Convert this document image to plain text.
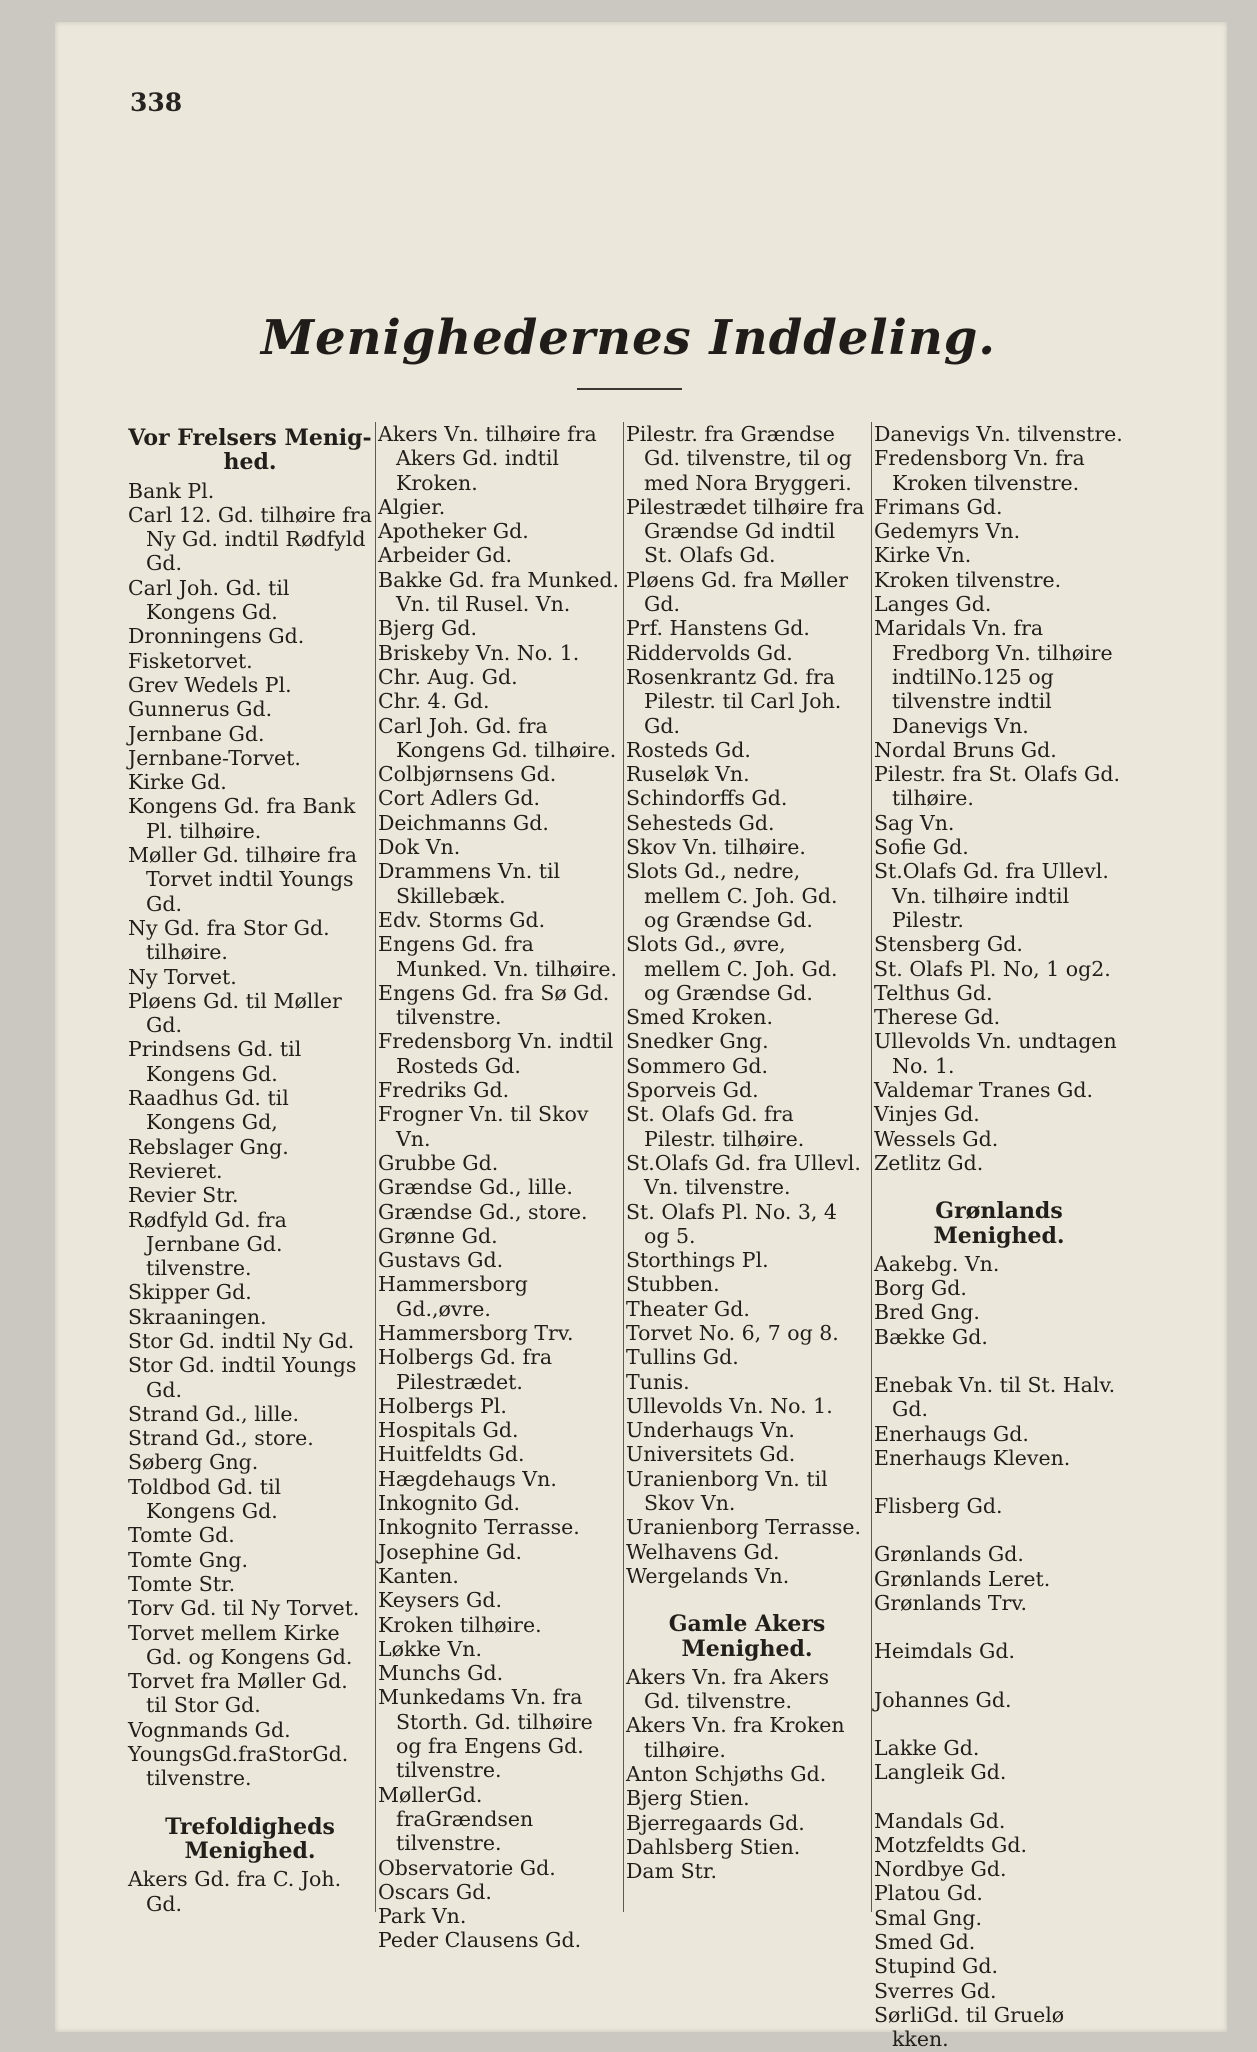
338
Menighedernes Inddeling.
Vor Frelsers Menig-hed.
Bank Pl.
Carl 12. Gd. tilhøire fra Ny Gd. indtil Rødfyld Gd.
Carl Joh. Gd. til Kongens Gd.
Dronningens Gd.
Fisketorvet.
Grev Wedels Pl.
Gunnerus Gd.
Jernbane Gd.
Jernbane-Torvet.
Kirke Gd.
Kongens Gd. fra Bank Pl. tilhøire.
Møller Gd. tilhøire fra Torvet indtil Youngs Gd.
Ny Gd. fra Stor Gd. tilhøire.
Ny Torvet.
Pløens Gd. til Møller Gd.
Prindsens Gd. til Kongens Gd.
Raadhus Gd. til Kongens Gd,
Rebslager Gng.
Revieret.
Revier Str.
Rødfyld Gd. fra Jernbane Gd. tilvenstre.
Skipper Gd.
Skraaningen.
Stor Gd. indtil Ny Gd.
Stor Gd. indtil Youngs Gd.
Strand Gd., lille.
Strand Gd., store.
Søberg Gng.
Toldbod Gd. til Kongens Gd.
Tomte Gd.
Tomte Gng.
Tomte Str.
Torv Gd. til Ny Torvet.
Torvet mellem Kirke Gd. og Kongens Gd.
Torvet fra Møller Gd. til Stor Gd.
Vognmands Gd.
YoungsGd.fraStorGd. tilvenstre.
Trefoldigheds Menighed.
Akers Gd. fra C. Joh. Gd.
Akers Vn. tilhøire fra Akers Gd. indtil Kroken.
Algier.
Apotheker Gd.
Arbeider Gd.
Bakke Gd. fra Munked. Vn. til Rusel. Vn.
Bjerg Gd.
Briskeby Vn. No. 1.
Chr. Aug. Gd.
Chr. 4. Gd.
Carl Joh. Gd. fra Kongens Gd. tilhøire.
Colbjørnsens Gd.
Cort Adlers Gd.
Deichmanns Gd.
Dok Vn.
Drammens Vn. til Skillebæk.
Edv. Storms Gd.
Engens Gd. fra Munked. Vn. tilhøire.
Engens Gd. fra Sø Gd. tilvenstre.
Fredensborg Vn. indtil Rosteds Gd.
Fredriks Gd.
Frogner Vn. til Skov Vn.
Grubbe Gd.
Grændse Gd., lille.
Grændse Gd., store.
Grønne Gd.
Gustavs Gd.
Hammersborg Gd.,øvre.
Hammersborg Trv.
Holbergs Gd. fra Pilestrædet.
Holbergs Pl.
Hospitals Gd.
Huitfeldts Gd.
Hægdehaugs Vn.
Inkognito Gd.
Inkognito Terrasse.
Josephine Gd.
Kanten.
Keysers Gd.
Kroken tilhøire.
Løkke Vn.
Munchs Gd.
Munkedams Vn. fra Storth. Gd. tilhøire og fra Engens Gd. tilvenstre.
MøllerGd. fraGrændsen tilvenstre.
Observatorie Gd.
Oscars Gd.
Park Vn.
Peder Clausens Gd.
Pilestr. fra Grændse Gd. tilvenstre, til og med Nora Bryggeri.
Pilestrædet tilhøire fra Grændse Gd indtil St. Olafs Gd.
Pløens Gd. fra Møller Gd.
Prf. Hanstens Gd.
Riddervolds Gd.
Rosenkrantz Gd. fra Pilestr. til Carl Joh. Gd.
Rosteds Gd.
Ruseløk Vn.
Schindorffs Gd.
Sehesteds Gd.
Skov Vn. tilhøire.
Slots Gd., nedre, mellem C. Joh. Gd. og Grændse Gd.
Slots Gd., øvre, mellem C. Joh. Gd. og Grændse Gd.
Smed Kroken.
Snedker Gng.
Sommero Gd.
Sporveis Gd.
St. Olafs Gd. fra Pilestr. tilhøire.
St.Olafs Gd. fra Ullevl. Vn. tilvenstre.
St. Olafs Pl. No. 3, 4 og 5.
Storthings Pl.
Stubben.
Theater Gd.
Torvet No. 6, 7 og 8.
Tullins Gd.
Tunis.
Ullevolds Vn. No. 1.
Underhaugs Vn.
Universitets Gd.
Uranienborg Vn. til Skov Vn.
Uranienborg Terrasse.
Welhavens Gd.
Wergelands Vn.
Gamle Akers Menighed.
Akers Vn. fra Akers Gd. tilvenstre.
Akers Vn. fra Kroken tilhøire.
Anton Schjøths Gd.
Bjerg Stien.
Bjerregaards Gd.
Dahlsberg Stien.
Dam Str.
Danevigs Vn. tilvenstre.
Fredensborg Vn. fra Kroken tilvenstre.
Frimans Gd.
Gedemyrs Vn.
Kirke Vn.
Kroken tilvenstre.
Langes Gd.
Maridals Vn. fra Fredborg Vn. tilhøire indtilNo.125 og tilvenstre indtil Danevigs Vn.
Nordal Bruns Gd.
Pilestr. fra St. Olafs Gd. tilhøire.
Sag Vn.
Sofie Gd.
St.Olafs Gd. fra Ullevl. Vn. tilhøire indtil Pilestr.
Stensberg Gd.
St. Olafs Pl. No, 1 og2.
Telthus Gd.
Therese Gd.
Ullevolds Vn. undtagen No. 1.
Valdemar Tranes Gd.
Vinjes Gd.
Wessels Gd.
Zetlitz Gd.
Grønlands Menighed.
Aakebg. Vn.
Borg Gd.
Bred Gng.
Bække Gd.
Enebak Vn. til St. Halv. Gd.
Enerhaugs Gd.
Enerhaugs Kleven.
Flisberg Gd.
Grønlands Gd.
Grønlands Leret.
Grønlands Trv.
Heimdals Gd.
Johannes Gd.
Lakke Gd.
Langleik Gd.
Mandals Gd.
Motzfeldts Gd.
Nordbye Gd.
Platou Gd.
Smal Gng.
Smed Gd.
Stupind Gd.
Sverres Gd.
SørliGd. til Gruelø kken.
